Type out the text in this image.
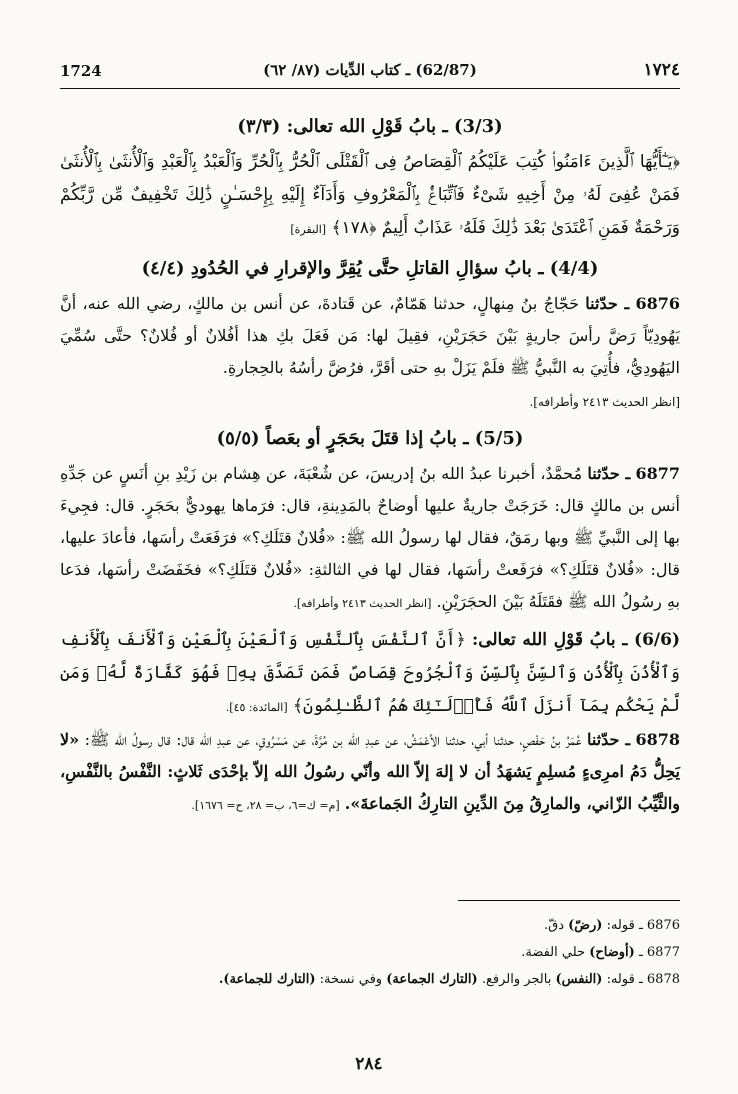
1724	(62/87) ـ كتاب الدِّيات (٨٧/ ٦٢)	١٧٢٤
(3/3) ـ بابُ قَوْلِ الله تعالى: (٣/٣)

﴿يَـٰٓأَيُّهَا ٱلَّذِينَ ءَامَنُوا۟ كُتِبَ عَلَيْكُمُ ٱلْقِصَاصُ فِى ٱلْقَتْلَى ٱلْحُرُّ بِٱلْحُرِّ وَٱلْعَبْدُ بِٱلْعَبْدِ وَٱلْأُنثَىٰ بِٱلْأُنثَىٰ فَمَنْ عُفِىَ لَهُۥ مِنْ أَخِيهِ شَىْءٌ فَٱتِّبَاعٌۢ بِٱلْمَعْرُوفِ وَأَدَآءٌ إِلَيْهِ بِإِحْسَـٰنٍ ذَٰلِكَ تَخْفِيفٌ مِّن رَّبِّكُمْ وَرَحْمَةٌ فَمَنِ ٱعْتَدَىٰ بَعْدَ ذَٰلِكَ فَلَهُۥ عَذَابٌ أَلِيمٌ ﴿١٧٨﴾ [البقرة]

(4/4) ـ بابُ سؤالِ القاتلِ حتَّى يُقِرَّ والإقرارِ في الحُدُودِ (٤/٤)

6876 ـ حدّثنا حَجّاجُ بنُ مِنهالٍ، حدثنا هَمّامٌ، عن قَتادةَ، عن أنس بن مالكٍ، رضي الله عنه، أنَّ يَهُودِيّاً رَضَّ رأسَ جاريةٍ بَيْنَ حَجَرَيْنِ، فقِيلَ لها: مَن فَعَلَ بكِ هذا أفُلانٌ أو فُلانٌ؟ حتَّى سُمِّيَ اليَهُودِيُّ، فأُتِيَ به النَّبيُّ ﷺ فلَمْ يَزَلْ بهِ حتى أقَرَّ، فرُضَّ رأسُهُ بالحِجارةِ.

[انظر الحديث ٢٤١٣ وأطرافه].
(5/5) ـ بابُ إذا قتَلَ بحَجَرٍ أو بعَصاً (٥/٥)

6877 ـ حدّثنا مُحمَّدٌ، أخبرنا عبدُ الله بنُ إدريسَ، عن شُعْبَةَ، عن هِشام بن زَيْدِ بنِ أنَسٍ عن جَدِّهِ أنس بن مالكٍ قال: خَرَجَتْ جاريةٌ عليها أوضاحٌ بالمَدِينةِ، قال: فرَماها يهوديٌّ بحَجَرٍ. قال: فجِيءَ بها إلى النَّبيِّ ﷺ وبها رمَقٌ، فقال لها رسولُ الله ﷺ: «فُلانٌ قتَلَكِ؟» فرَفَعَتْ رأسَها، فأعادَ عليها، قال: «فُلانٌ قتَلَكِ؟» فرَفَعتْ رأسَها، فقال لها في الثالثةِ: «فُلانٌ قتَلَكِ؟» فخَفَضَتْ رأسَها، فدَعا بهِ رسُولُ الله ﷺ فقَتَلَهُ بَيْنَ الحجَرَيْنِ. [انظر الحديث ٢٤١٣ وأطرافه].

(6/6) ـ بابُ قَوْلِ الله تعالى: ﴿أَنَّ ٱلنَّفْسَ بِٱلنَّفْسِ وَٱلْعَيْنَ بِٱلْعَيْنِ وَٱلْأَنفَ بِٱلْأَنفِ وَٱلْأُذُنَ بِٱلْأُذُنِ وَٱلسِّنَّ بِٱلسِّنِّ وَٱلْجُرُوحَ قِصَاصٌ فَمَن تَصَدَّقَ بِهِۦ فَهُوَ كَفَّارَةٌ لَّهُۥ وَمَن لَّمْ يَحْكُم بِمَآ أَنزَلَ ٱللَّهُ فَأُو۟لَـٰٓئِكَ هُمُ ٱلظَّـٰلِمُونَ﴾ [المائدة: ٤٥].

6878 ـ حدّثنا عُمَرُ بنُ حَفْصٍ، حدثنا أبي، حدثنا الأعْمَشُ، عن عبدِ الله بن مُرَّةَ، عن مَسْرُوقٍ، عن عبدِ الله قال: قال رسولُ الله ﷺ: «لا يَحِلُّ دَمُ امرِىءٍ مُسلِمٍ يَشهَدُ أن لا إلهَ إلاّ الله وأنّي رسُولُ الله إلاّ بإحْدَى ثَلاثٍ: النَّفْسُ بالنَّفْسِ، والثَّيِّبُ الزّاني، والمارِقُ مِنَ الدِّينِ التارِكُ الجَماعةَ». [م= ك=٦، ب= ٢٨، ح= ١٦٧٦].

6876 ـ قوله: (رضّ) دقّ.

6877 ـ (أوضاح) حلي الفضة.

6878 ـ قوله: (النفس) بالجر والرفع. (التارك الجماعة) وفي نسخة: (التارك للجماعة).

٢٨٤
